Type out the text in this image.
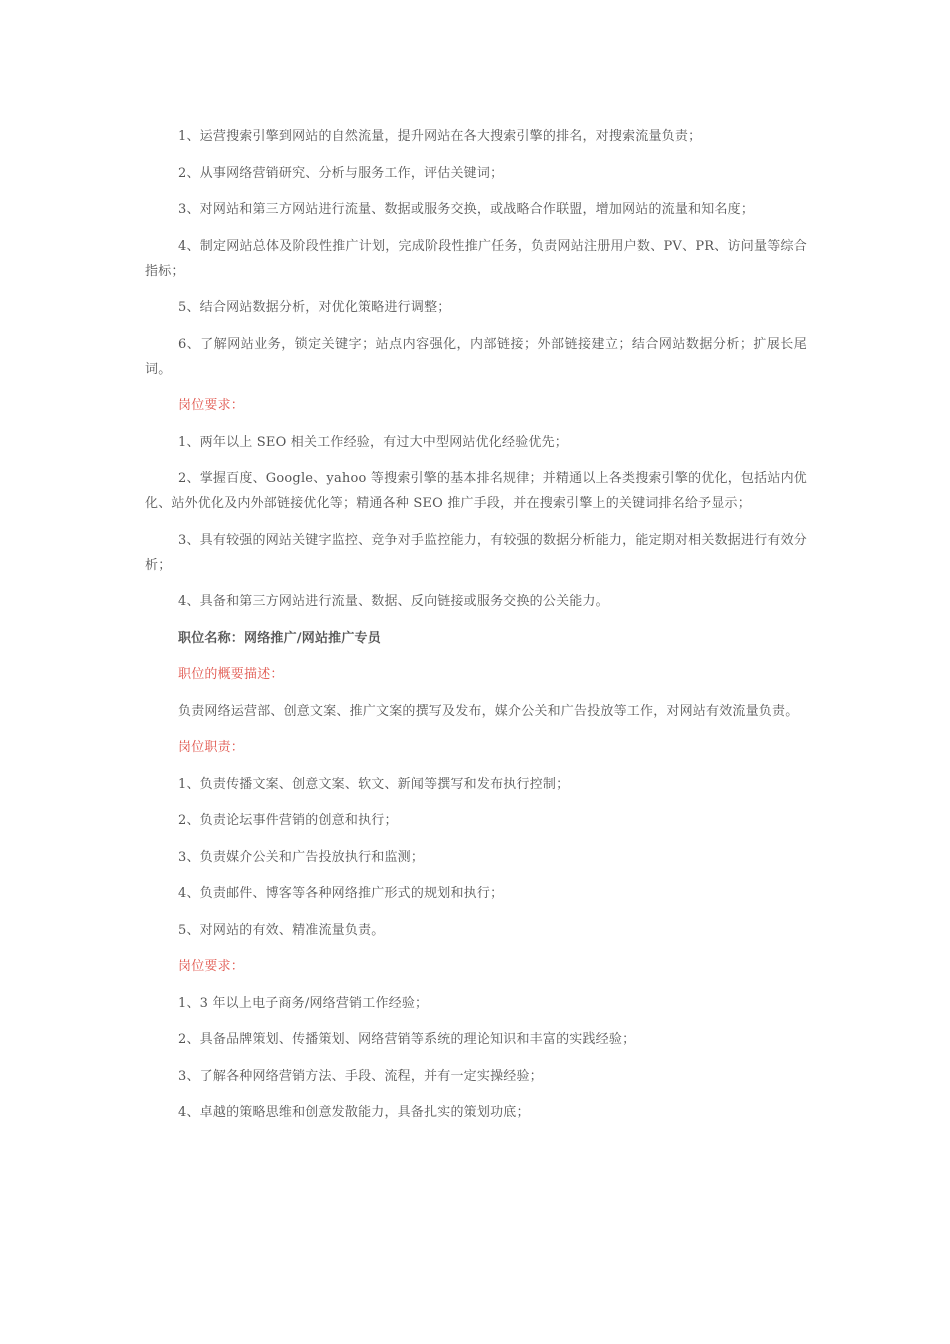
1、运营搜索引擎到网站的自然流量，提升网站在各大搜索引擎的排名，对搜索流量负责；

2、从事网络营销研究、分析与服务工作，评估关键词；

3、对网站和第三方网站进行流量、数据或服务交换，或战略合作联盟，增加网站的流量和知名度；

4、制定网站总体及阶段性推广计划，完成阶段性推广任务，负责网站注册用户数、PV、PR、访问量等综合指标；

5、结合网站数据分析，对优化策略进行调整；

6、了解网站业务，锁定关键字；站点内容强化，内部链接；外部链接建立；结合网站数据分析；扩展长尾词。

岗位要求：

1、两年以上 SEO 相关工作经验，有过大中型网站优化经验优先；

2、掌握百度、Google、yahoo 等搜索引擎的基本排名规律；并精通以上各类搜索引擎的优化，包括站内优化、站外优化及内外部链接优化等；精通各种 SEO 推广手段，并在搜索引擎上的关键词排名给予显示；

3、具有较强的网站关键字监控、竞争对手监控能力，有较强的数据分析能力，能定期对相关数据进行有效分析；

4、具备和第三方网站进行流量、数据、反向链接或服务交换的公关能力。

职位名称：网络推广/网站推广专员

职位的概要描述：

负责网络运营部、创意文案、推广文案的撰写及发布，媒介公关和广告投放等工作，对网站有效流量负责。

岗位职责：

1、负责传播文案、创意文案、软文、新闻等撰写和发布执行控制；

2、负责论坛事件营销的创意和执行；

3、负责媒介公关和广告投放执行和监测；

4、负责邮件、博客等各种网络推广形式的规划和执行；

5、对网站的有效、精准流量负责。

岗位要求：

1、3 年以上电子商务/网络营销工作经验；

2、具备品牌策划、传播策划、网络营销等系统的理论知识和丰富的实践经验；

3、了解各种网络营销方法、手段、流程，并有一定实操经验；

4、卓越的策略思维和创意发散能力，具备扎实的策划功底；
